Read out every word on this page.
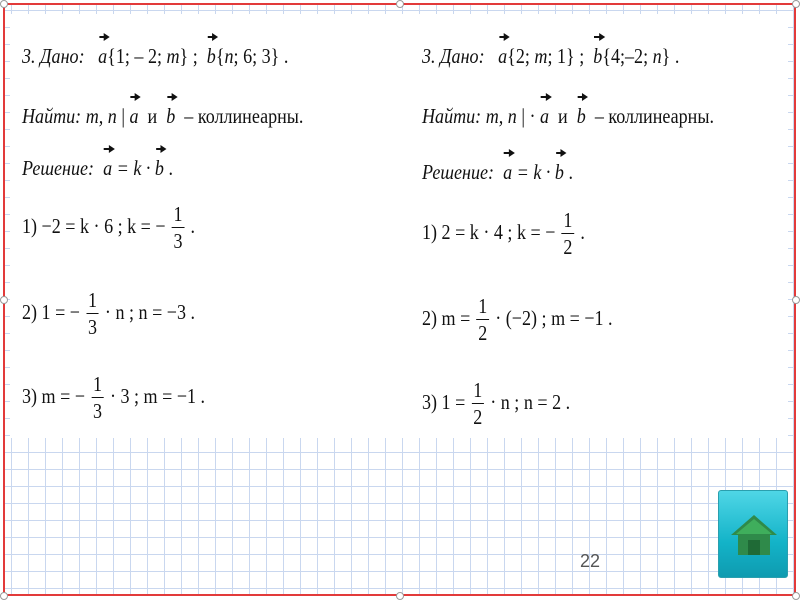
3. Дано: a{1; – 2; m} ;  b{n; 6; 3} .
Найти: m, n | a и b – коллинеарны.
Решение: a = k · b .
1) −2 = k · 6 ; k = − $\frac{1}{3}$ .
2) 1 = − $\frac{1}{3} \cdot n$ ; n = −3 .
3) m = − $\frac{1}{3} \cdot 3$ ; m = −1 .
3. Дано: a{2; m; 1} ;  b{4;–2; n} .
Найти: m, n | · a и b – коллинеарны.
Решение: a = k · b .
1) 2 = k · 4 ; k = − $\frac{1}{2}$ .
2) $m = \frac{1}{2} \cdot (-2)$ ; m = −1 .
3) $1 = \frac{1}{2} \cdot n$ ; n = 2 .
22
